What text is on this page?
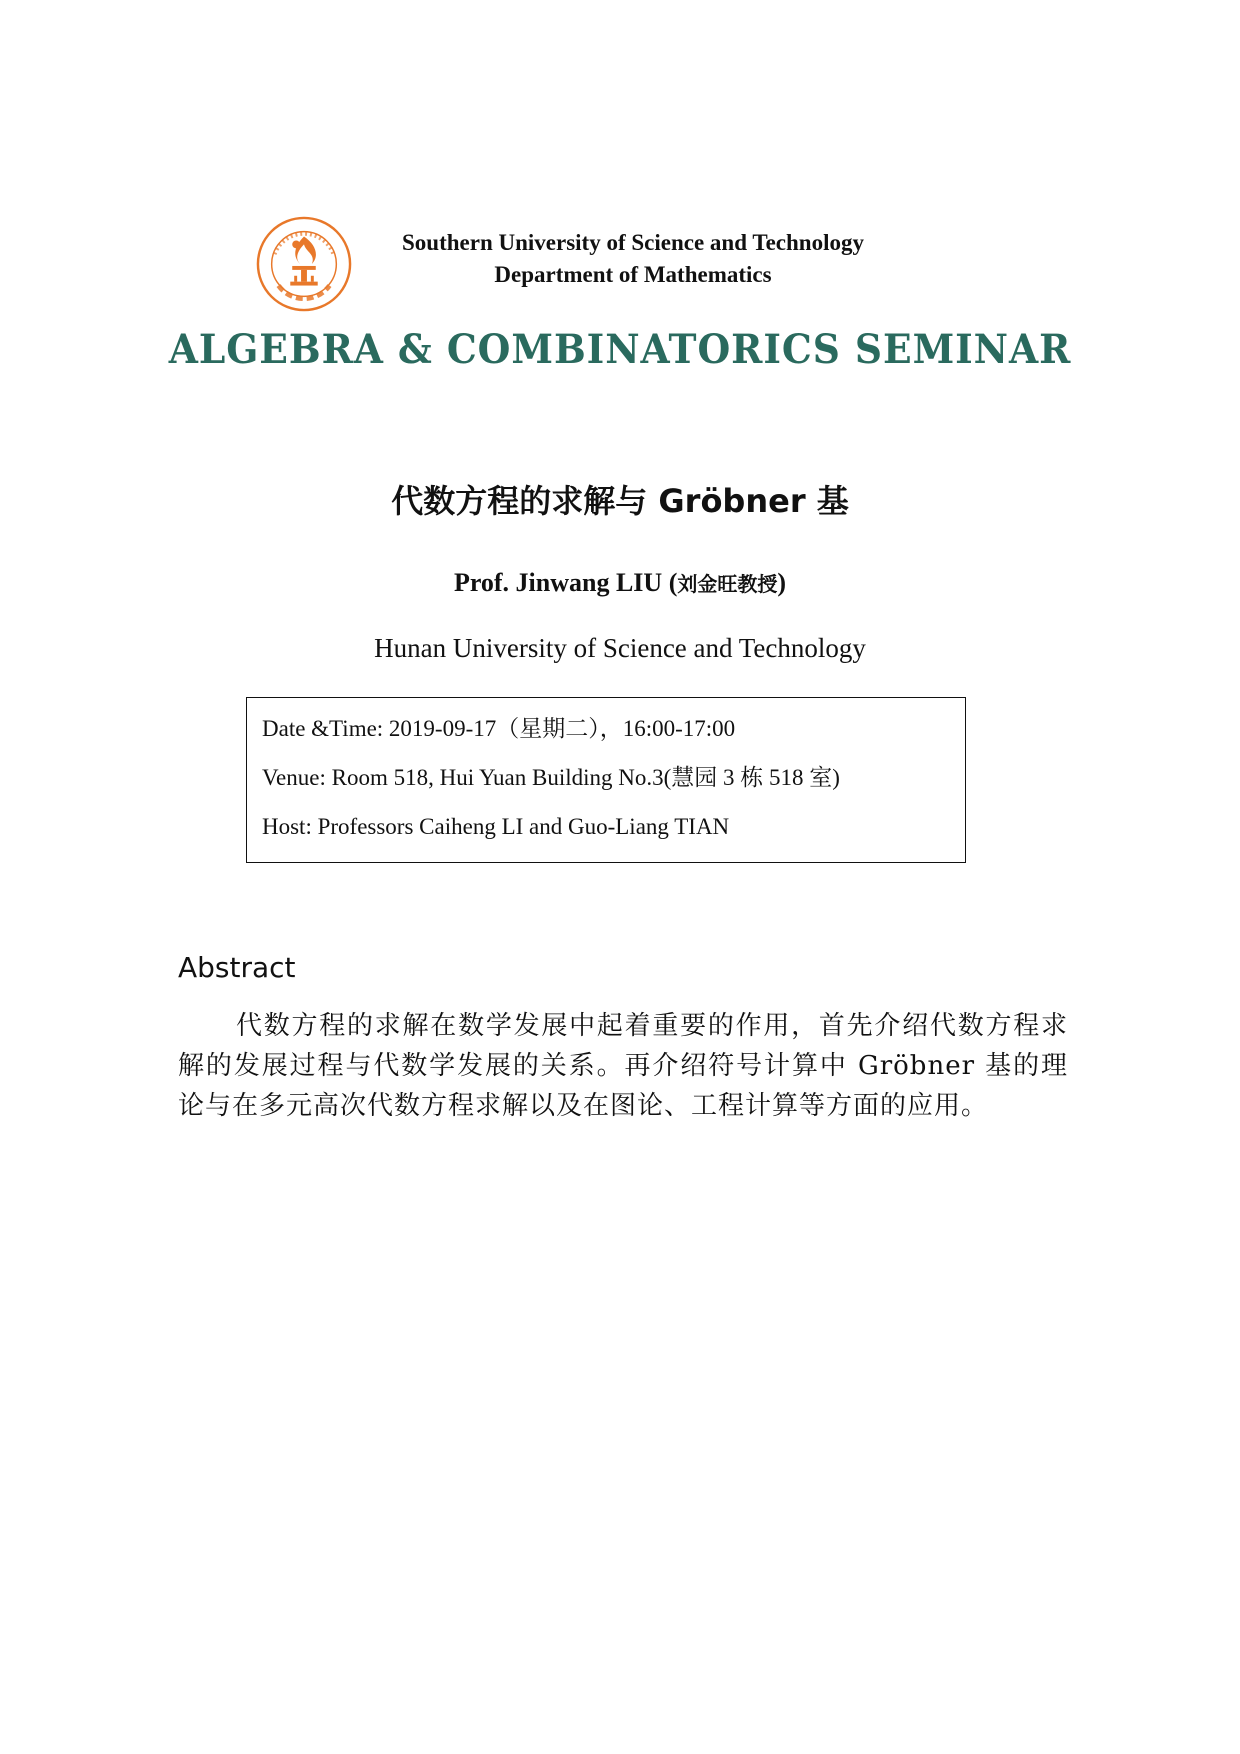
Southern University of Science and Technology
Department of Mathematics
ALGEBRA & COMBINATORICS SEMINAR
代数方程的求解与 Gröbner 基
Prof. Jinwang LIU (刘金旺教授)
Hunan University of Science and Technology
Date &Time: 2019-09-17（星期二），16:00-17:00
Venue: Room 518, Hui Yuan Building No.3(慧园 3 栋 518 室)
Host: Professors Caiheng LI and Guo-Liang TIAN
Abstract
代数方程的求解在数学发展中起着重要的作用，首先介绍代数方程求解的发展过程与代数学发展的关系。再介绍符号计算中 Gröbner 基的理论与在多元高次代数方程求解以及在图论、工程计算等方面的应用。
